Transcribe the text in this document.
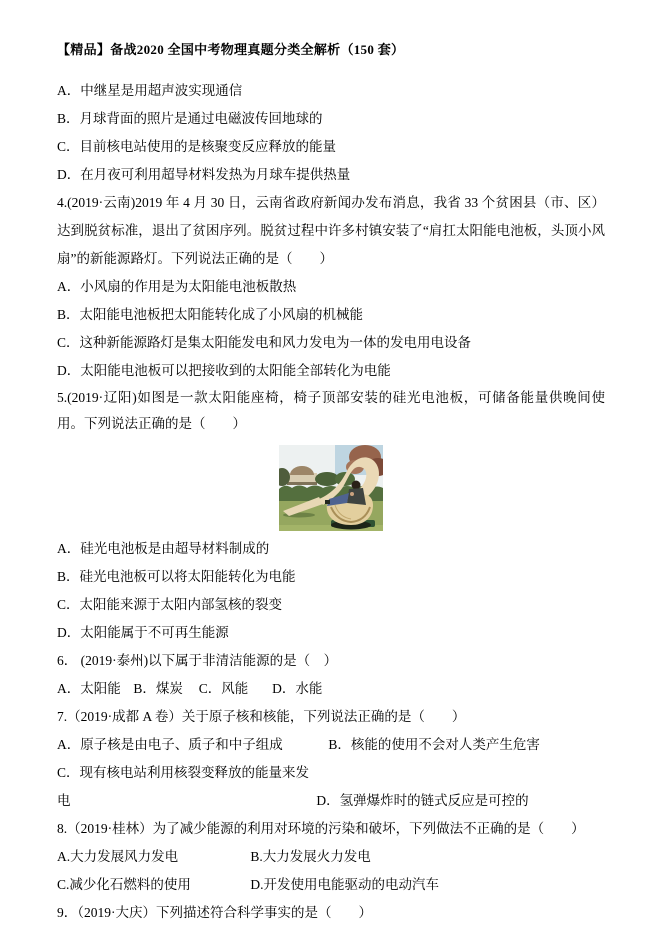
【精品】备战2020 全国中考物理真题分类全解析（150 套）

A．中继星是用超声波实现通信

B．月球背面的照片是通过电磁波传回地球的

C．目前核电站使用的是核聚变反应释放的能量

D．在月夜可利用超导材料发热为月球车提供热量

4.(2019·云南)2019 年 4 月 30 日，云南省政府新闻办发布消息，我省 33 个贫困县（市、区）达到脱贫标准，退出了贫困序列。脱贫过程中许多村镇安装了“肩扛太阳能电池板，头顶小风扇”的新能源路灯。下列说法正确的是（　　）

A．小风扇的作用是为太阳能电池板散热

B．太阳能电池板把太阳能转化成了小风扇的机械能

C．这种新能源路灯是集太阳能发电和风力发电为一体的发电用电设备

D．太阳能电池板可以把接收到的太阳能全部转化为电能

5.(2019·辽阳)如图是一款太阳能座椅，椅子顶部安装的硅光电池板，可储备能量供晚间使用。下列说法正确的是（　　）

A．硅光电池板是由超导材料制成的

B．硅光电池板可以将太阳能转化为电能

C．太阳能来源于太阳内部氢核的裂变

D．太阳能属于不可再生能源

6． (2019·泰州)以下属于非清洁能源的是（　）

A．太阳能 B．煤炭 C．风能 D．水能

7.（2019·成都 A 卷）关于原子核和核能，下列说法正确的是（　　）

A．原子核是由电子、质子和中子组成	B．核能的使用不会对人类产生危害

C．现有核电站利用核裂变释放的能量来发电	D．氢弹爆炸时的链式反应是可控的

8.（2019·桂林）为了减少能源的利用对环境的污染和破坏，下列做法不正确的是（　　）

A.大力发展风力发电	B.大力发展火力发电

C.减少化石燃料的使用	D.开发使用电能驱动的电动汽车

9．（2019·大庆）下列描述符合科学事实的是（　　）
